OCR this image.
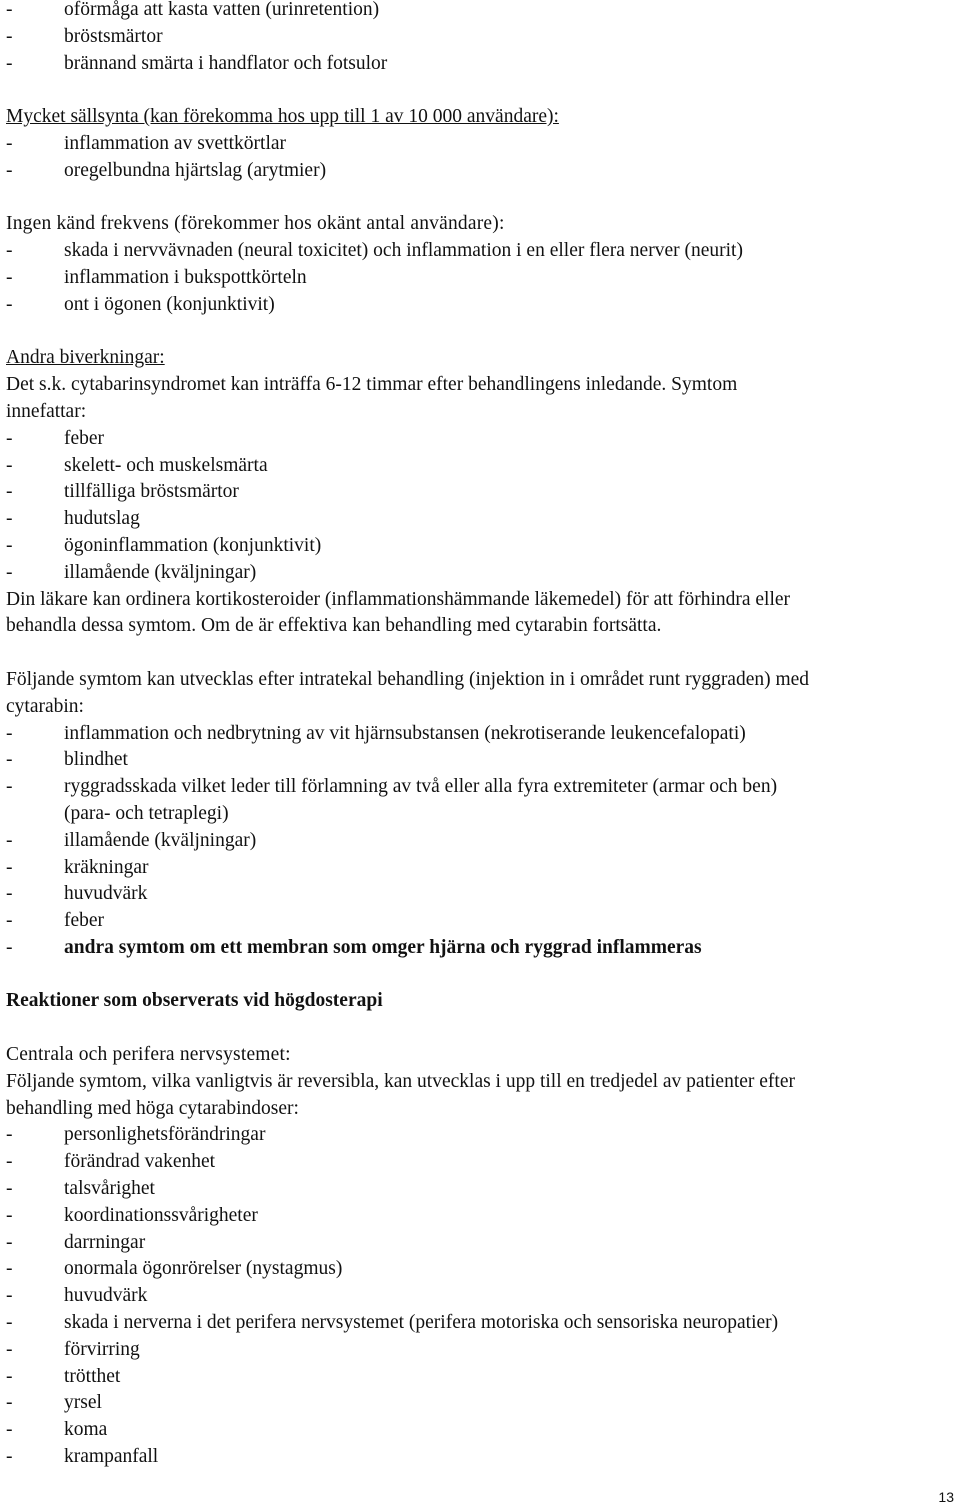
-	oförmåga att kasta vatten (urinretention)
-	bröstsmärtor
-	brännand smärta i handflator och fotsulor
Mycket sällsynta (kan förekomma hos upp till 1 av 10 000 användare):
-	inflammation av svettkörtlar
-	oregelbundna hjärtslag (arytmier)
Ingen känd frekvens (förekommer hos okänt antal användare):
-	skada i nervvävnaden (neural toxicitet) och inflammation i en eller flera nerver (neurit)
-	inflammation i bukspottkörteln
-	ont i ögonen (konjunktivit)
Andra biverkningar:
Det s.k. cytabarinsyndromet kan inträffa 6-12 timmar efter behandlingens inledande. Symtom
innefattar:
-	feber
-	skelett- och muskelsmärta
-	tillfälliga bröstsmärtor
-	hudutslag
-	ögoninflammation (konjunktivit)
-	illamående (kväljningar)
Din läkare kan ordinera kortikosteroider (inflammationshämmande läkemedel) för att förhindra eller
behandla dessa symtom. Om de är effektiva kan behandling med cytarabin fortsätta.
Följande symtom kan utvecklas efter intratekal behandling (injektion in i området runt ryggraden) med
cytarabin:
-	inflammation och nedbrytning av vit hjärnsubstansen (nekrotiserande leukencefalopati)
-	blindhet
-	ryggradsskada vilket leder till förlamning av två eller alla fyra extremiteter (armar och ben)
(para- och tetraplegi)
-	illamående (kväljningar)
-	kräkningar
-	huvudvärk
-	feber
-	andra symtom om ett membran som omger hjärna och ryggrad inflammeras
Reaktioner som observerats vid högdosterapi
Centrala och perifera nervsystemet:
Följande symtom, vilka vanligtvis är reversibla, kan utvecklas i upp till en tredjedel av patienter efter
behandling med höga cytarabindoser:
-	personlighetsförändringar
-	förändrad vakenhet
-	talsvårighet
-	koordinationssvårigheter
-	darrningar
-	onormala ögonrörelser (nystagmus)
-	huvudvärk
-	skada i nerverna i det perifera nervsystemet (perifera motoriska och sensoriska neuropatier)
-	förvirring
-	trötthet
-	yrsel
-	koma
-	krampanfall
13
